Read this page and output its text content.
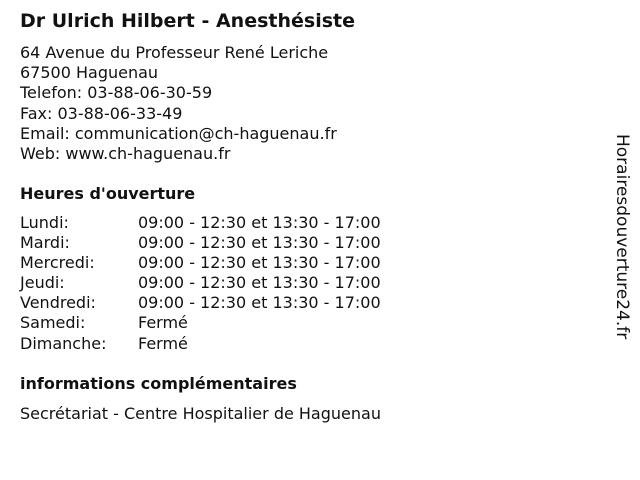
Dr Ulrich Hilbert - Anesthésiste
64 Avenue du Professeur René Leriche
67500 Haguenau
Telefon: 03-88-06-30-59
Fax: 03-88-06-33-49
Email: communication@ch-haguenau.fr
Web: www.ch-haguenau.fr
Heures d'ouverture
Lundi:	09:00 - 12:30 et 13:30 - 17:00
Mardi:	09:00 - 12:30 et 13:30 - 17:00
Mercredi:	09:00 - 12:30 et 13:30 - 17:00
Jeudi:	09:00 - 12:30 et 13:30 - 17:00
Vendredi:	09:00 - 12:30 et 13:30 - 17:00
Samedi:	Fermé
Dimanche: Fermé
informations complémentaires
Secrétariat - Centre Hospitalier de Haguenau
Horairesdouverture24.fr
